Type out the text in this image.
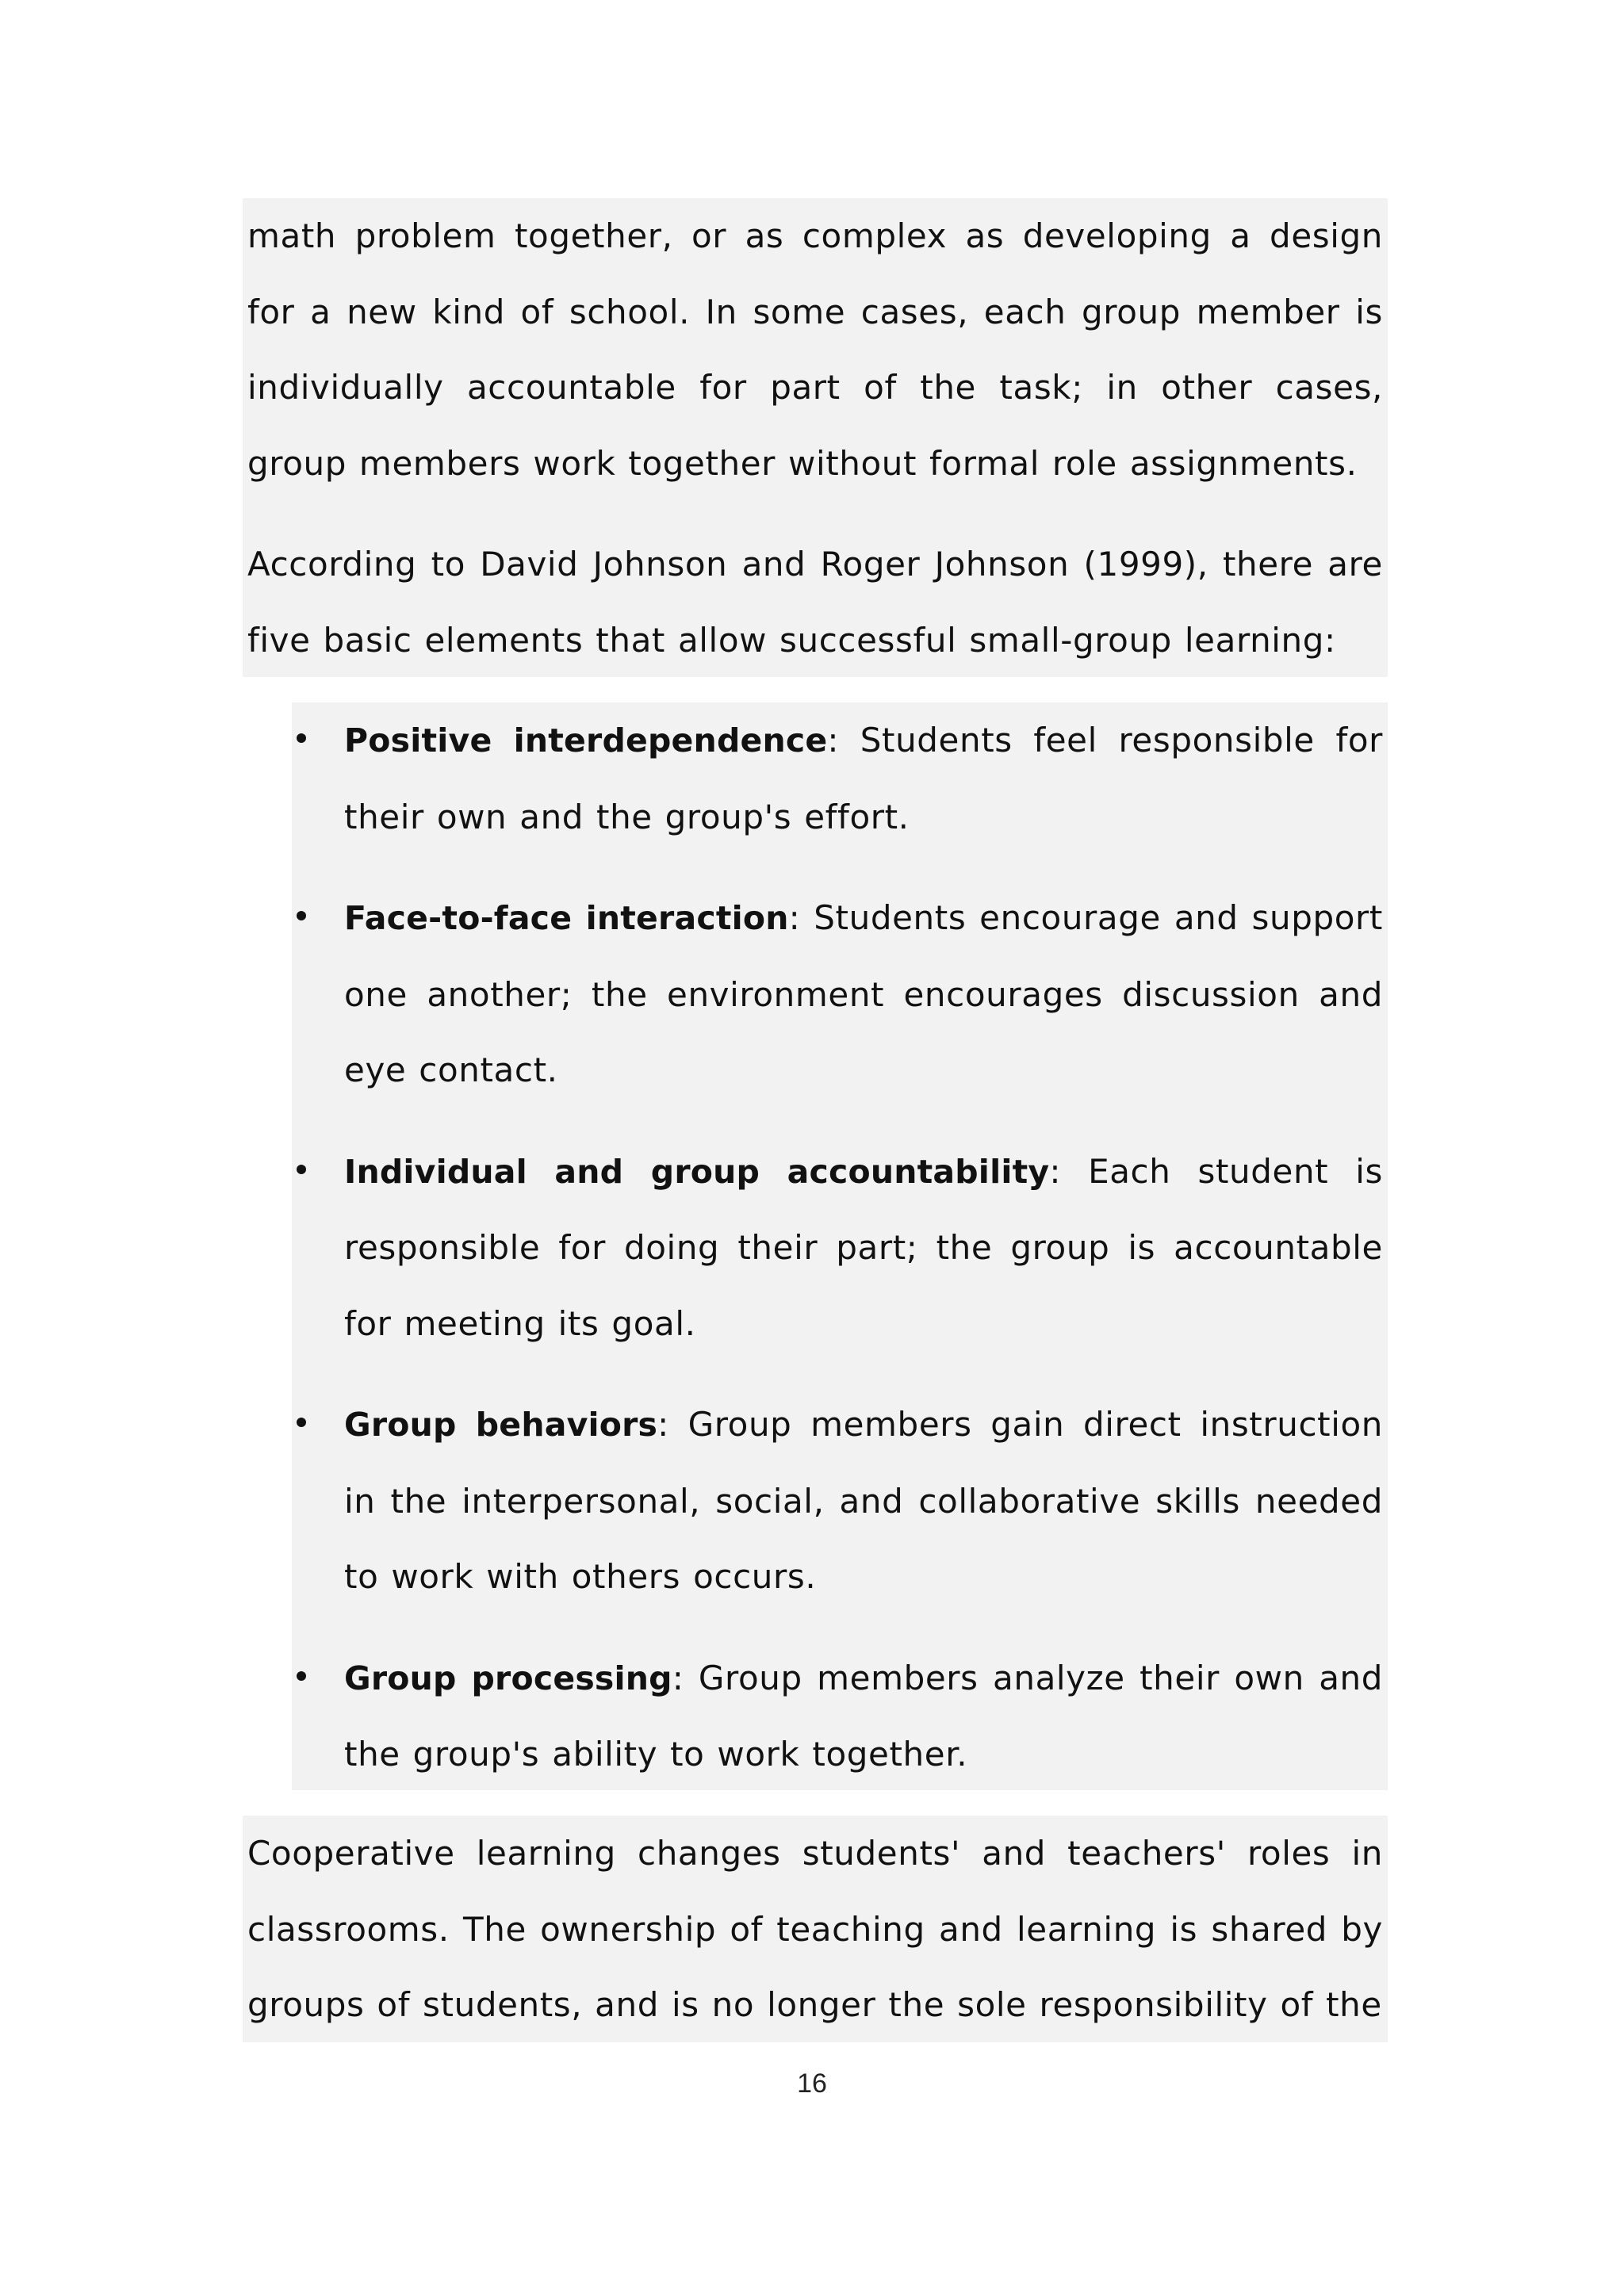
math problem together, or as complex as developing a design for a new kind of school. In some cases, each group member is individually accountable for part of the task; in other cases, group members work together without formal role assignments.

According to David Johnson and Roger Johnson (1999), there are five basic elements that allow successful small-group learning:

Positive interdependence: Students feel responsible for their own and the group's effort.
Face-to-face interaction: Students encourage and support one another; the environment encourages discussion and eye contact.
Individual and group accountability: Each student is responsible for doing their part; the group is accountable for meeting its goal.
Group behaviors: Group members gain direct instruction in the interpersonal, social, and collaborative skills needed to work with others occurs.
Group processing: Group members analyze their own and the group's ability to work together.

Cooperative learning changes students' and teachers' roles in classrooms. The ownership of teaching and learning is shared by groups of students, and is no longer the sole responsibility of the

16
